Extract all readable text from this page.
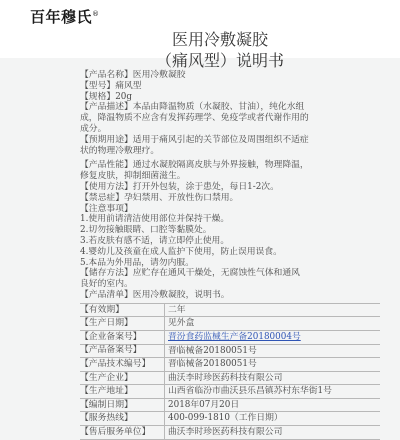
百年穆氏®
医用冷敷凝胶
（痛风型）说明书
【产品名称】医用冷敷凝胶
【型号】痛风型
【规格】20g
【产品描述】本品由降温物质（水凝胶、甘油），纯化水组
成，降温物质不应含有发挥药理学、免疫学或者代谢作用的
成分。
【预期用途】适用于痛风引起的关节部位及周围组织不适症
状的物理冷敷理疗。
【产品性能】通过水凝胶隔离皮肤与外界接触，物理降温，
修复皮肤，抑制细菌滋生。
【使用方法】打开外包装，涂于患处，每日1-2次。
【禁忌症】孕妇禁用、开放性伤口禁用。
【注意事项】
1.使用前请清洁使用部位并保持干燥。
2.切勿接触眼睛、口腔等黏膜处。
3.若皮肤有感不适，请立即停止使用。
4.婴幼儿及孩童在成人监护下使用，防止误用误食。
5.本品为外用品，请勿内服。
【储存方法】应贮存在通风干燥处，无腐蚀性气体和通风
良好的室内。
【产品清单】医用冷敷凝胶，说明书。
【有效期】	二年
【生产日期】	见外盒
【企业备案号】	晋汾食药监械生产备20180004号
【产品备案号】	晋临械备20180051号
【产品技术编号】	晋临械备20180051号
【生产企业】	曲沃李时珍医药科技有限公司
【生产地址】	山西省临汾市曲沃县乐昌镇苏村东华街1号
【编制日期】	2018年07月20日
【服务热线】	400-099-1810（工作日期）
【售后服务单位】	曲沃李时珍医药科技有限公司
